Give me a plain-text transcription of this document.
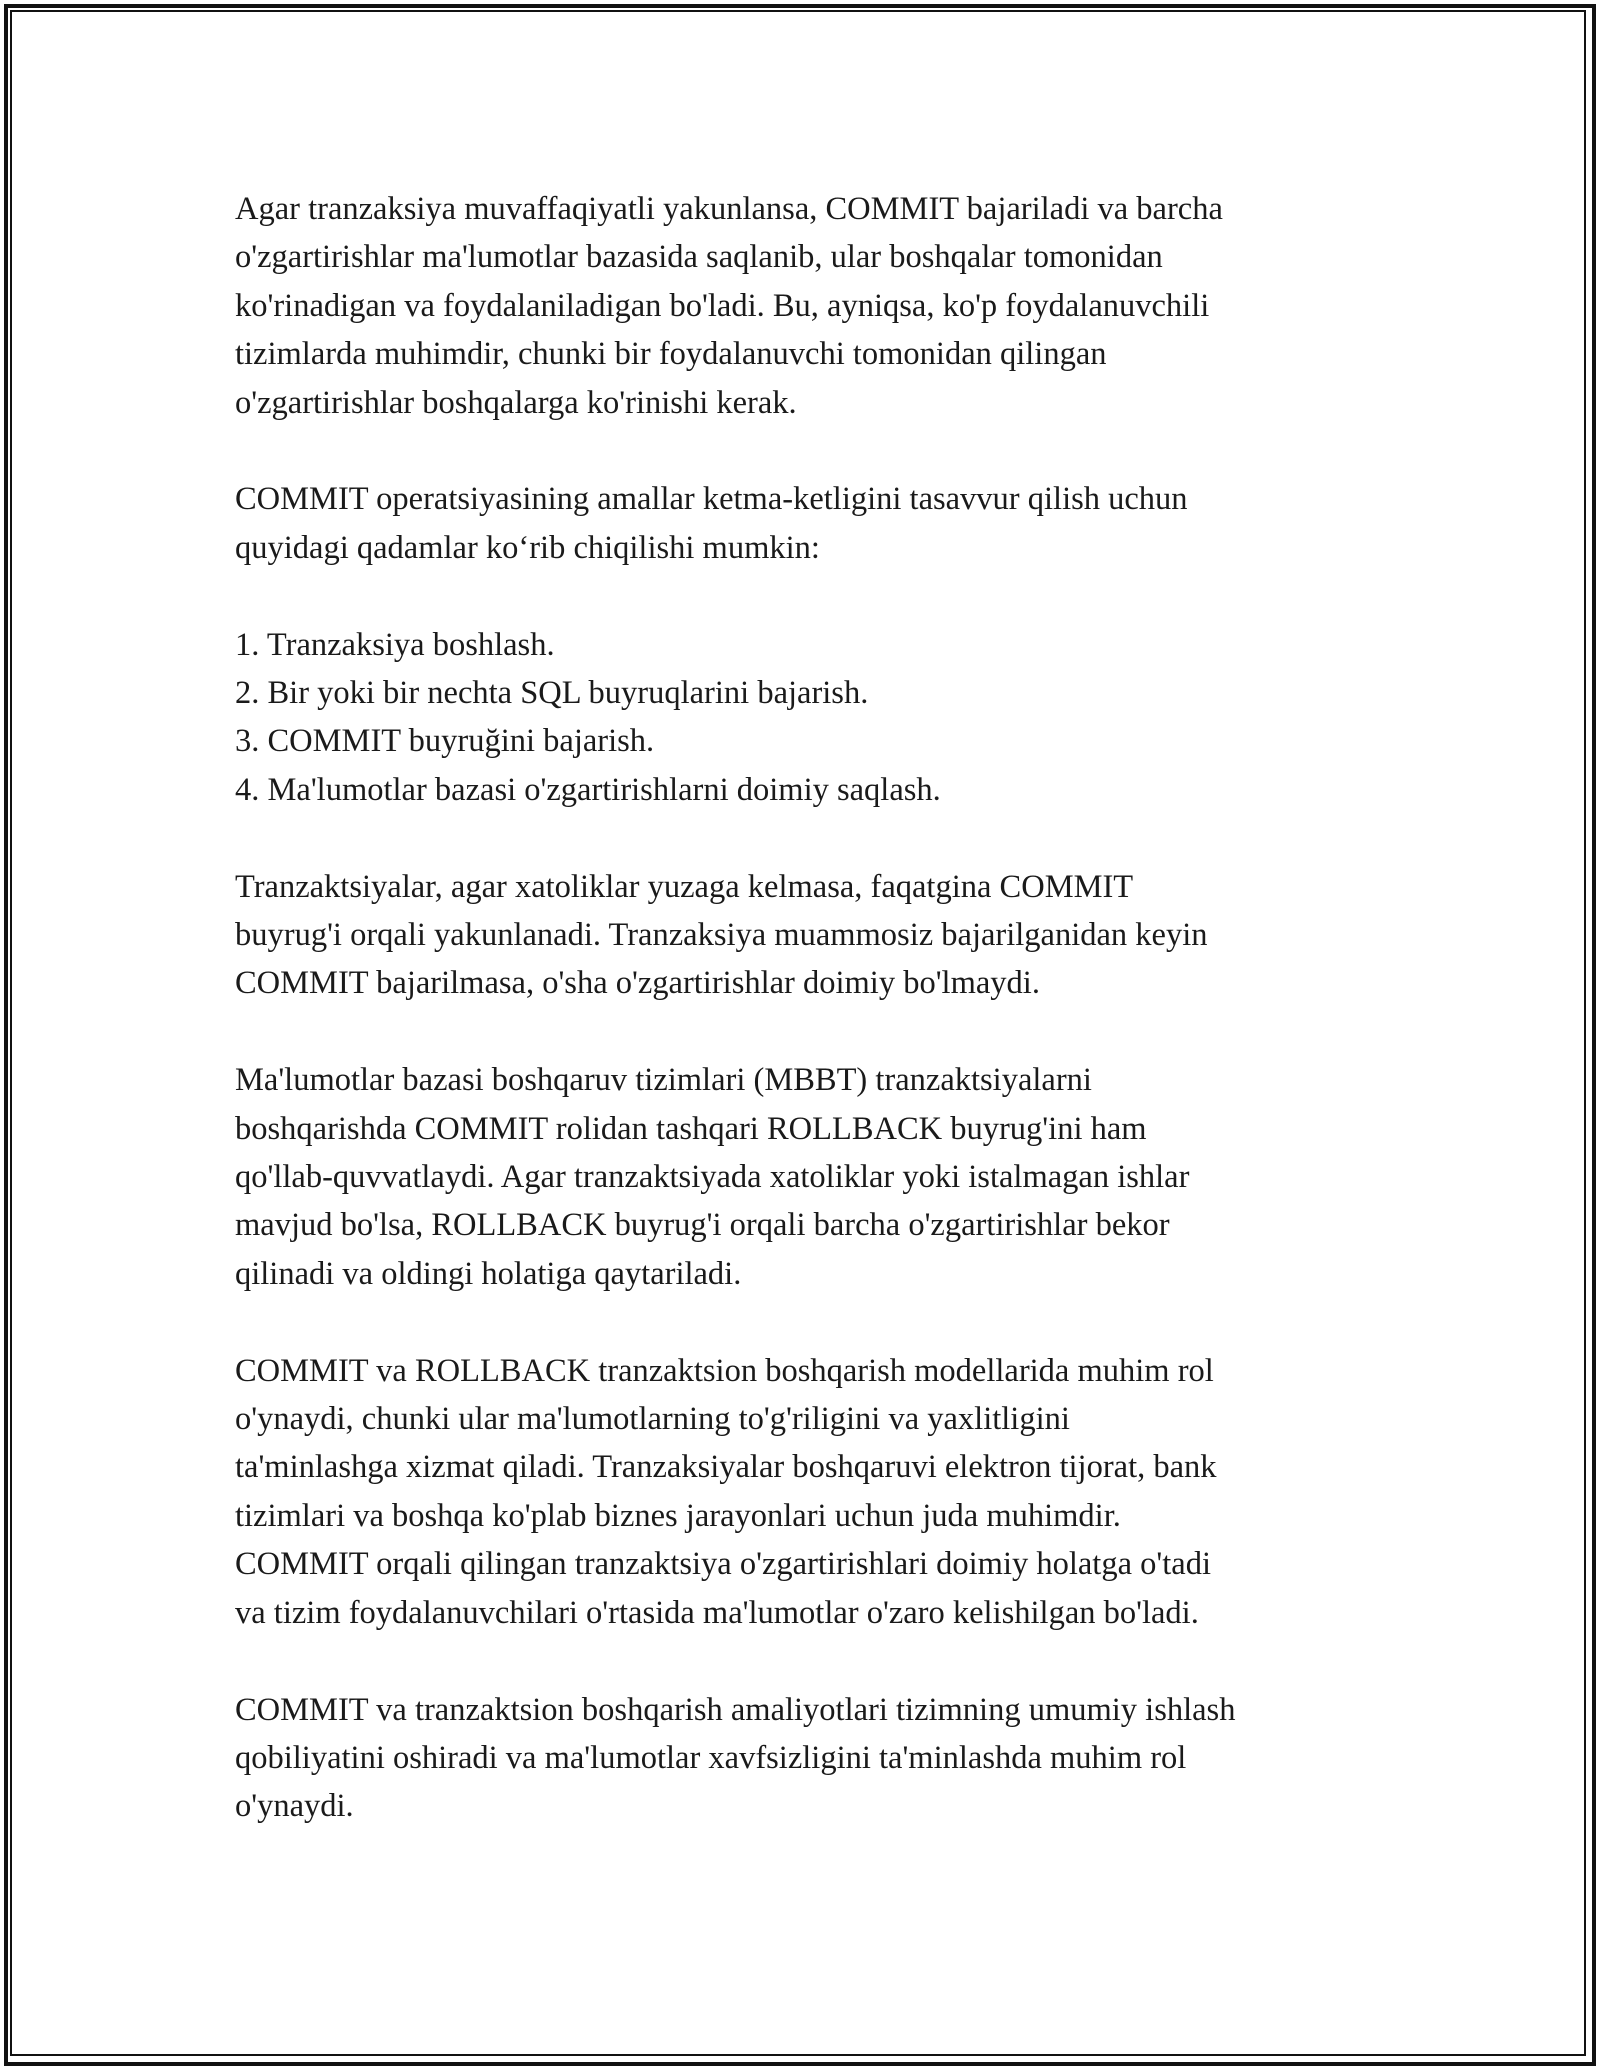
Agar tranzaksiya muvaffaqiyatli yakunlansa, COMMIT bajariladi va barcha
o'zgartirishlar ma'lumotlar bazasida saqlanib, ular boshqalar tomonidan
ko'rinadigan va foydalaniladigan bo'ladi. Bu, ayniqsa, ko'p foydalanuvchili
tizimlarda muhimdir, chunki bir foydalanuvchi tomonidan qilingan
o'zgartirishlar boshqalarga ko'rinishi kerak.

COMMIT operatsiyasining amallar ketma-ketligini tasavvur qilish uchun
quyidagi qadamlar ko‘rib chiqilishi mumkin:

1. Tranzaksiya boshlash.
2. Bir yoki bir nechta SQL buyruqlarini bajarish.
3. COMMIT buyruğini bajarish.
4. Ma'lumotlar bazasi o'zgartirishlarni doimiy saqlash.

Tranzaktsiyalar, agar xatoliklar yuzaga kelmasa, faqatgina COMMIT
buyrug'i orqali yakunlanadi. Tranzaksiya muammosiz bajarilganidan keyin
COMMIT bajarilmasa, o'sha o'zgartirishlar doimiy bo'lmaydi.

Ma'lumotlar bazasi boshqaruv tizimlari (MBBT) tranzaktsiyalarni
boshqarishda COMMIT rolidan tashqari ROLLBACK buyrug'ini ham
qo'llab-quvvatlaydi. Agar tranzaktsiyada xatoliklar yoki istalmagan ishlar
mavjud bo'lsa, ROLLBACK buyrug'i orqali barcha o'zgartirishlar bekor
qilinadi va oldingi holatiga qaytariladi.

COMMIT va ROLLBACK tranzaktsion boshqarish modellarida muhim rol
o'ynaydi, chunki ular ma'lumotlarning to'g'riligini va yaxlitligini
ta'minlashga xizmat qiladi. Tranzaksiyalar boshqaruvi elektron tijorat, bank
tizimlari va boshqa ko'plab biznes jarayonlari uchun juda muhimdir.
COMMIT orqali qilingan tranzaktsiya o'zgartirishlari doimiy holatga o'tadi
va tizim foydalanuvchilari o'rtasida ma'lumotlar o'zaro kelishilgan bo'ladi.

COMMIT va tranzaktsion boshqarish amaliyotlari tizimning umumiy ishlash
qobiliyatini oshiradi va ma'lumotlar xavfsizligini ta'minlashda muhim rol
o'ynaydi.
